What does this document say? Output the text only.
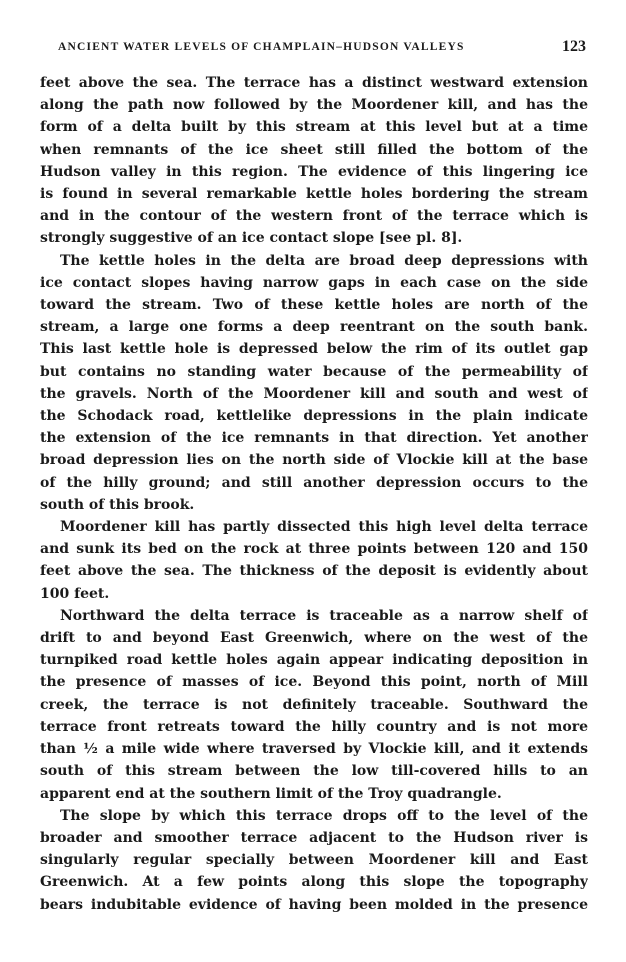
ANCIENT WATER LEVELS OF CHAMPLAIN–HUDSON VALLEYS	123

feet above the sea. The terrace has a distinct westward extension
along the path now followed by the Moordener kill, and has the
form of a delta built by this stream at this level but at a time
when remnants of the ice sheet still filled the bottom of the
Hudson valley in this region. The evidence of this lingering ice
is found in several remarkable kettle holes bordering the stream
and in the contour of the western front of the terrace which is
strongly suggestive of an ice contact slope [see pl. 8].

The kettle holes in the delta are broad deep depressions with
ice contact slopes having narrow gaps in each case on the side
toward the stream. Two of these kettle holes are north of the
stream, a large one forms a deep reentrant on the south bank.
This last kettle hole is depressed below the rim of its outlet gap
but contains no standing water because of the permeability of
the gravels. North of the Moordener kill and south and west of
the Schodack road, kettlelike depressions in the plain indicate
the extension of the ice remnants in that direction. Yet another
broad depression lies on the north side of Vlockie kill at the base
of the hilly ground; and still another depression occurs to the
south of this brook.

Moordener kill has partly dissected this high level delta terrace
and sunk its bed on the rock at three points between 120 and 150
feet above the sea. The thickness of the deposit is evidently about
100 feet.

Northward the delta terrace is traceable as a narrow shelf of
drift to and beyond East Greenwich, where on the west of the
turnpiked road kettle holes again appear indicating deposition in
the presence of masses of ice. Beyond this point, north of Mill
creek, the terrace is not definitely traceable. Southward the
terrace front retreats toward the hilly country and is not more
than ½ a mile wide where traversed by Vlockie kill, and it extends
south of this stream between the low till-covered hills to an
apparent end at the southern limit of the Troy quadrangle.

The slope by which this terrace drops off to the level of the
broader and smoother terrace adjacent to the Hudson river is
singularly regular specially between Moordener kill and East
Greenwich. At a few points along this slope the topography
bears indubitable evidence of having been molded in the presence
